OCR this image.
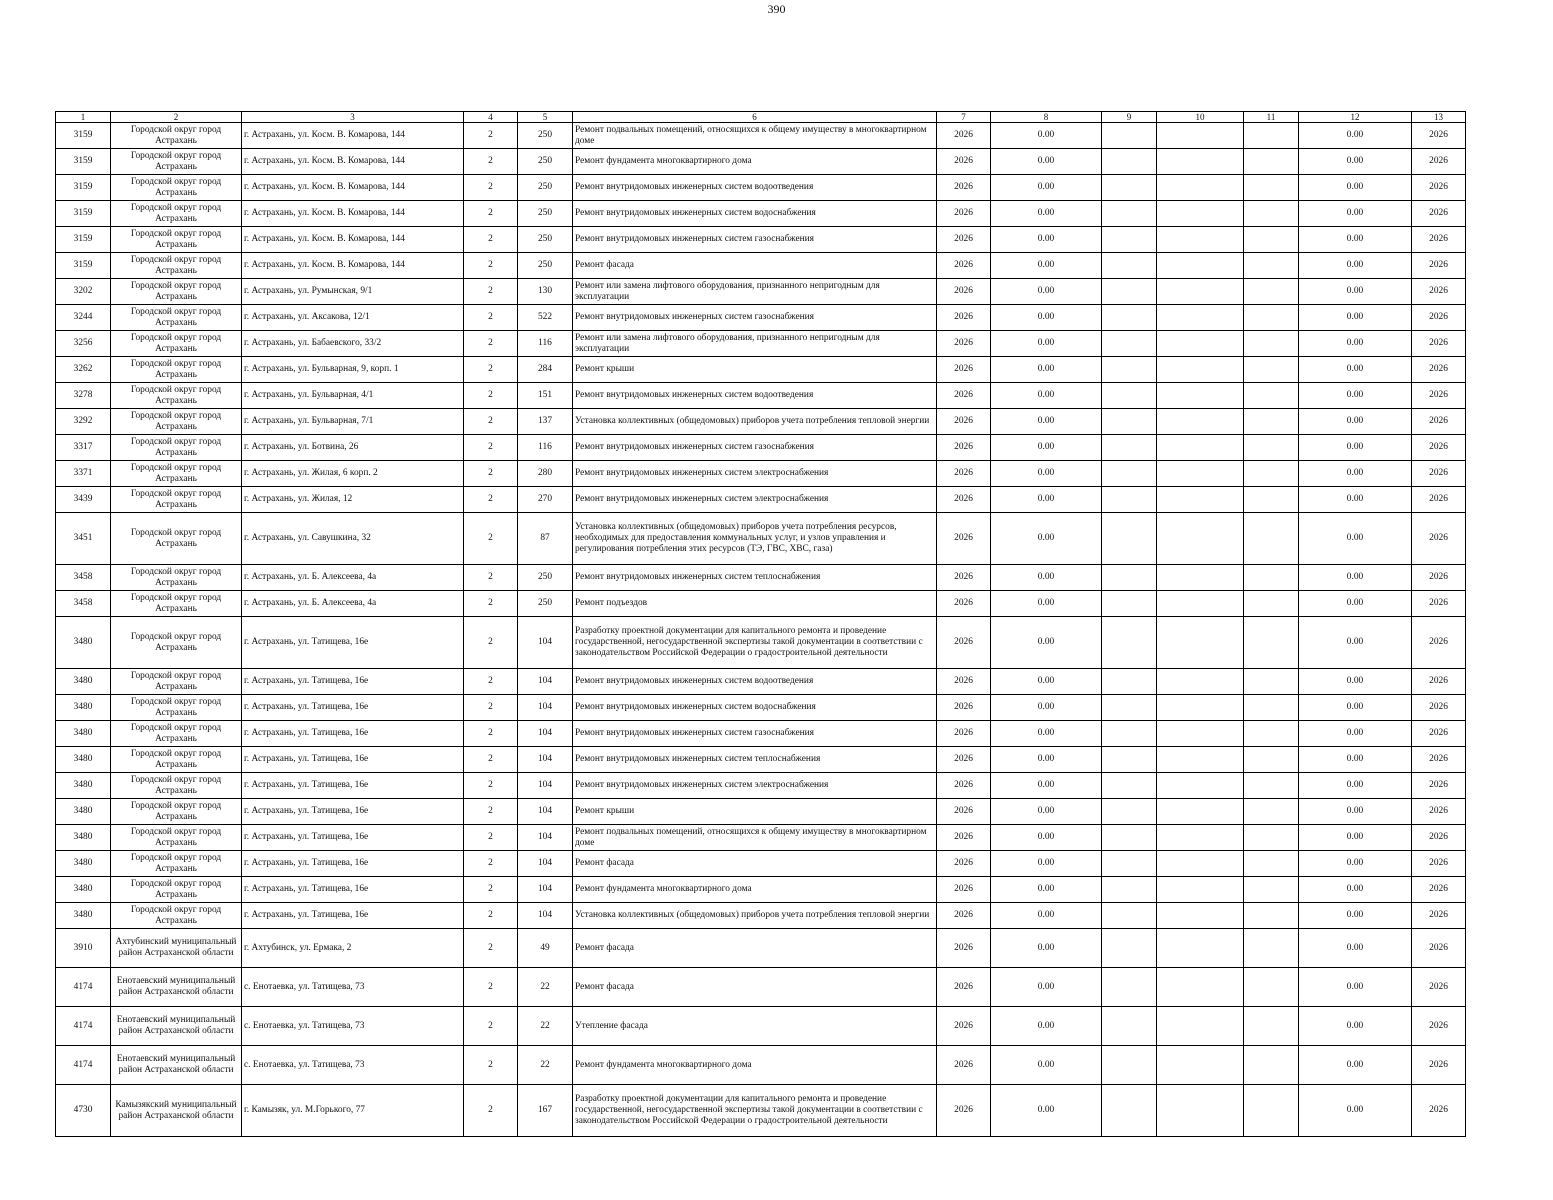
390
1	2	3	4	5	6	7	8	9	10	11	12	13
3159	Городской округ город Астрахань	г. Астрахань, ул. Косм. В. Комарова, 144	2	250	Ремонт подвальных помещений, относящихся к общему имуществу в многоквартирном доме	2026	0.00				0.00	2026
3159	Городской округ город Астрахань	г. Астрахань, ул. Косм. В. Комарова, 144	2	250	Ремонт фундамента многоквартирного дома	2026	0.00				0.00	2026
3159	Городской округ город Астрахань	г. Астрахань, ул. Косм. В. Комарова, 144	2	250	Ремонт внутридомовых инженерных систем водоотведения	2026	0.00				0.00	2026
3159	Городской округ город Астрахань	г. Астрахань, ул. Косм. В. Комарова, 144	2	250	Ремонт внутридомовых инженерных систем водоснабжения	2026	0.00				0.00	2026
3159	Городской округ город Астрахань	г. Астрахань, ул. Косм. В. Комарова, 144	2	250	Ремонт внутридомовых инженерных систем газоснабжения	2026	0.00				0.00	2026
3159	Городской округ город Астрахань	г. Астрахань, ул. Косм. В. Комарова, 144	2	250	Ремонт фасада	2026	0.00				0.00	2026
3202	Городской округ город Астрахань	г. Астрахань, ул. Румынская, 9/1	2	130	Ремонт или замена лифтового оборудования, признанного непригодным для эксплуатации	2026	0.00				0.00	2026
3244	Городской округ город Астрахань	г. Астрахань, ул. Аксакова, 12/1	2	522	Ремонт внутридомовых инженерных систем газоснабжения	2026	0.00				0.00	2026
3256	Городской округ город Астрахань	г. Астрахань, ул. Бабаевского, 33/2	2	116	Ремонт или замена лифтового оборудования, признанного непригодным для эксплуатации	2026	0.00				0.00	2026
3262	Городской округ город Астрахань	г. Астрахань, ул. Бульварная, 9, корп. 1	2	284	Ремонт крыши	2026	0.00				0.00	2026
3278	Городской округ город Астрахань	г. Астрахань, ул. Бульварная, 4/1	2	151	Ремонт внутридомовых инженерных систем водоотведения	2026	0.00				0.00	2026
3292	Городской округ город Астрахань	г. Астрахань, ул. Бульварная, 7/1	2	137	Установка коллективных (общедомовых) приборов учета потребления тепловой энергии	2026	0.00				0.00	2026
3317	Городской округ город Астрахань	г. Астрахань, ул. Ботвина, 26	2	116	Ремонт внутридомовых инженерных систем газоснабжения	2026	0.00				0.00	2026
3371	Городской округ город Астрахань	г. Астрахань, ул. Жилая, 6 корп. 2	2	280	Ремонт внутридомовых инженерных систем электроснабжения	2026	0.00				0.00	2026
3439	Городской округ город Астрахань	г. Астрахань, ул. Жилая, 12	2	270	Ремонт внутридомовых инженерных систем электроснабжения	2026	0.00				0.00	2026
3451	Городской округ город Астрахань	г. Астрахань, ул. Савушкина, 32	2	87	Установка коллективных (общедомовых) приборов учета потребления ресурсов, необходимых для предоставления коммунальных услуг, и узлов управления и регулирования потребления этих ресурсов (ТЭ, ГВС, ХВС, газа)	2026	0.00				0.00	2026
3458	Городской округ город Астрахань	г. Астрахань, ул. Б. Алексеева, 4а	2	250	Ремонт внутридомовых инженерных систем теплоснабжения	2026	0.00				0.00	2026
3458	Городской округ город Астрахань	г. Астрахань, ул. Б. Алексеева, 4а	2	250	Ремонт подъездов	2026	0.00				0.00	2026
3480	Городской округ город Астрахань	г. Астрахань, ул. Татищева, 16е	2	104	Разработку проектной документации для капитального ремонта и проведение государственной, негосударственной экспертизы такой документации в соответствии с законодательством Российской Федерации о градостроительной деятельности	2026	0.00				0.00	2026
3480	Городской округ город Астрахань	г. Астрахань, ул. Татищева, 16е	2	104	Ремонт внутридомовых инженерных систем водоотведения	2026	0.00				0.00	2026
3480	Городской округ город Астрахань	г. Астрахань, ул. Татищева, 16е	2	104	Ремонт внутридомовых инженерных систем водоснабжения	2026	0.00				0.00	2026
3480	Городской округ город Астрахань	г. Астрахань, ул. Татищева, 16е	2	104	Ремонт внутридомовых инженерных систем газоснабжения	2026	0.00				0.00	2026
3480	Городской округ город Астрахань	г. Астрахань, ул. Татищева, 16е	2	104	Ремонт внутридомовых инженерных систем теплоснабжения	2026	0.00				0.00	2026
3480	Городской округ город Астрахань	г. Астрахань, ул. Татищева, 16е	2	104	Ремонт внутридомовых инженерных систем электроснабжения	2026	0.00				0.00	2026
3480	Городской округ город Астрахань	г. Астрахань, ул. Татищева, 16е	2	104	Ремонт крыши	2026	0.00				0.00	2026
3480	Городской округ город Астрахань	г. Астрахань, ул. Татищева, 16е	2	104	Ремонт подвальных помещений, относящихся к общему имуществу в многоквартирном доме	2026	0.00				0.00	2026
3480	Городской округ город Астрахань	г. Астрахань, ул. Татищева, 16е	2	104	Ремонт фасада	2026	0.00				0.00	2026
3480	Городской округ город Астрахань	г. Астрахань, ул. Татищева, 16е	2	104	Ремонт фундамента многоквартирного дома	2026	0.00				0.00	2026
3480	Городской округ город Астрахань	г. Астрахань, ул. Татищева, 16е	2	104	Установка коллективных (общедомовых) приборов учета потребления тепловой энергии	2026	0.00				0.00	2026
3910	Ахтубинский муниципальный район Астраханской области	г. Ахтубинск, ул. Ермака, 2	2	49	Ремонт фасада	2026	0.00				0.00	2026
4174	Енотаевский муниципальный район Астраханской области	с. Енотаевка, ул. Татищева, 73	2	22	Ремонт фасада	2026	0.00				0.00	2026
4174	Енотаевский муниципальный район Астраханской области	с. Енотаевка, ул. Татищева, 73	2	22	Утепление фасада	2026	0.00				0.00	2026
4174	Енотаевский муниципальный район Астраханской области	с. Енотаевка, ул. Татищева, 73	2	22	Ремонт фундамента многоквартирного дома	2026	0.00				0.00	2026
4730	Камызякский муниципальный район Астраханской области	г. Камызяк, ул. М.Горького, 77	2	167	Разработку проектной документации для капитального ремонта и проведение государственной, негосударственной экспертизы такой документации в соответствии с законодательством Российской Федерации о градостроительной деятельности	2026	0.00				0.00	2026
